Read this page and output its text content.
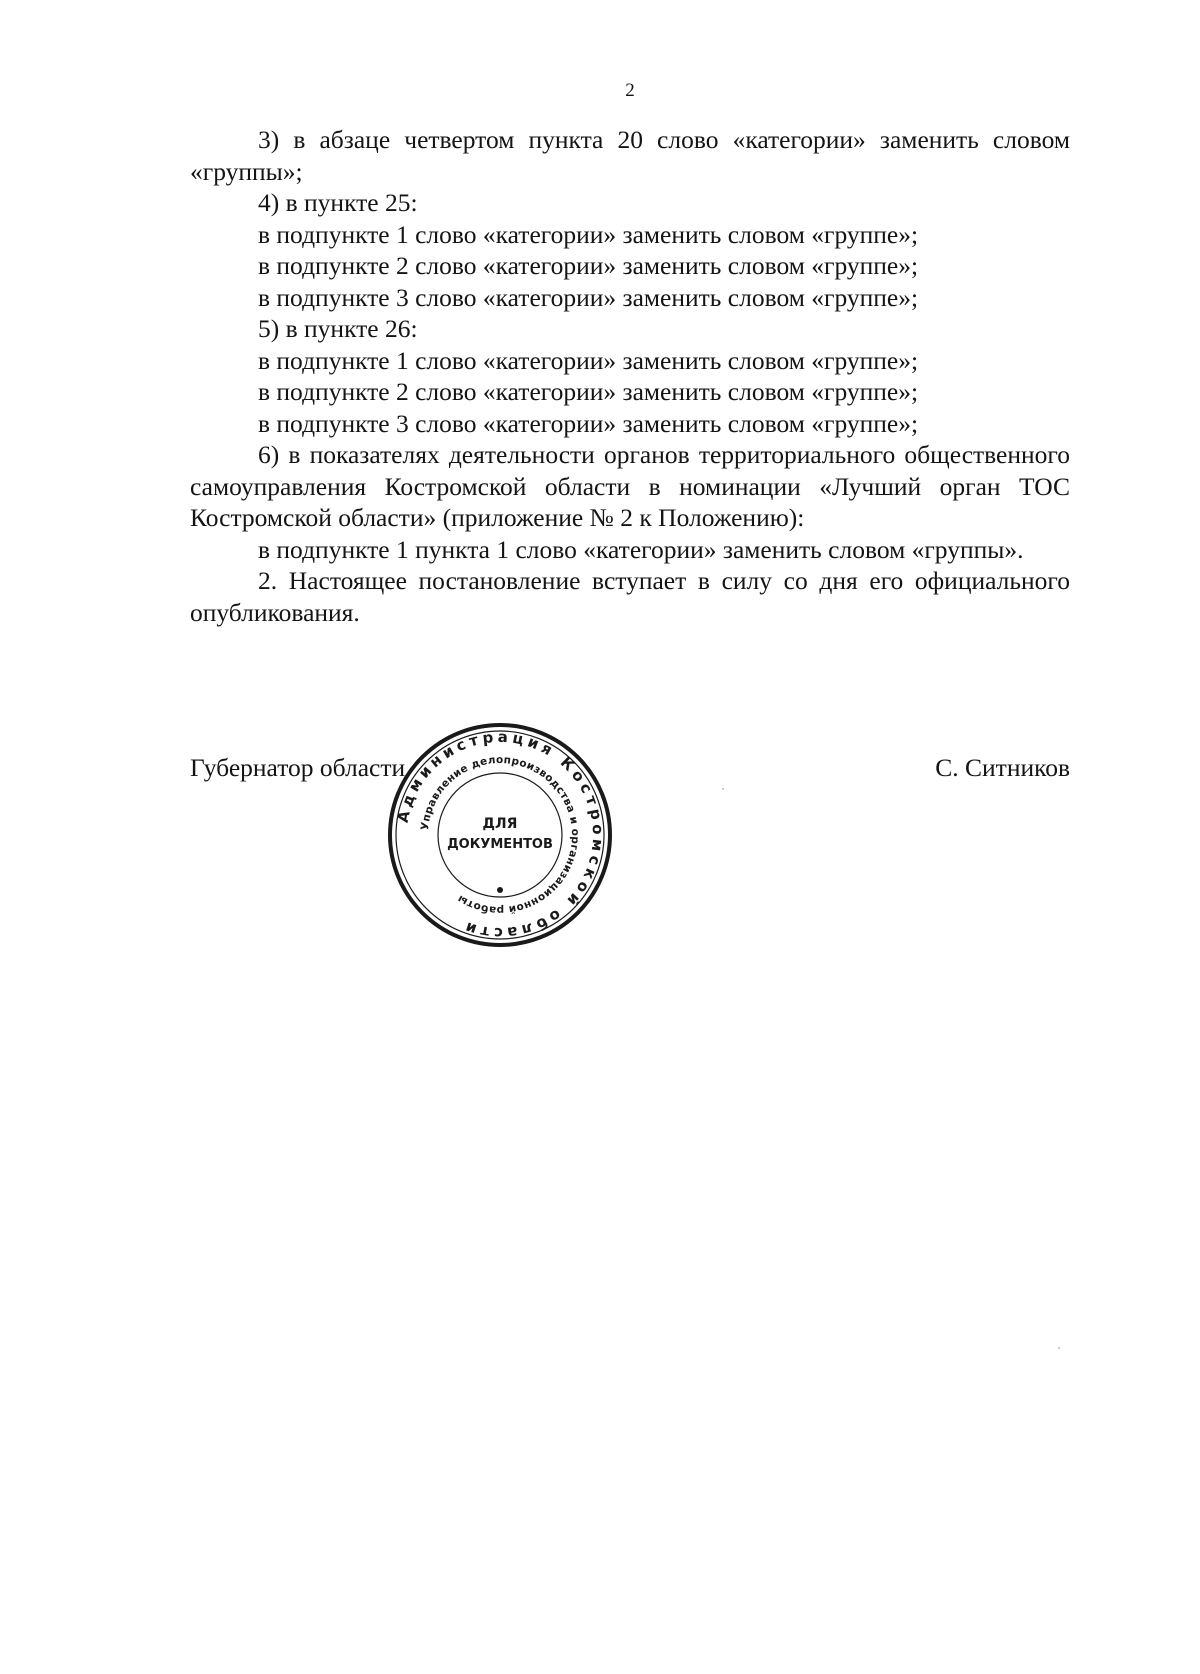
2

3) в абзаце четвертом пункта 20 слово «категории» заменить словом «группы»;

4) в пункте 25:

в подпункте 1 слово «категории» заменить словом «группе»;

в подпункте 2 слово «категории» заменить словом «группе»;

в подпункте 3 слово «категории» заменить словом «группе»;

5) в пункте 26:

в подпункте 1 слово «категории» заменить словом «группе»;

в подпункте 2 слово «категории» заменить словом «группе»;

в подпункте 3 слово «категории» заменить словом «группе»;

6) в показателях деятельности органов территориального общественного самоуправления Костромской области в номинации «Лучший орган ТОС Костромской области» (приложение № 2 к Положению):

в подпункте 1 пункта 1 слово «категории» заменить словом «группы».

2. Настоящее постановление вступает в силу со дня его официального опубликования.

Губернатор области	С. Ситников
Администрация Костромской области
Управление делопроизводства и организационной работы
ДЛЯ
ДОКУМЕНТОВ
